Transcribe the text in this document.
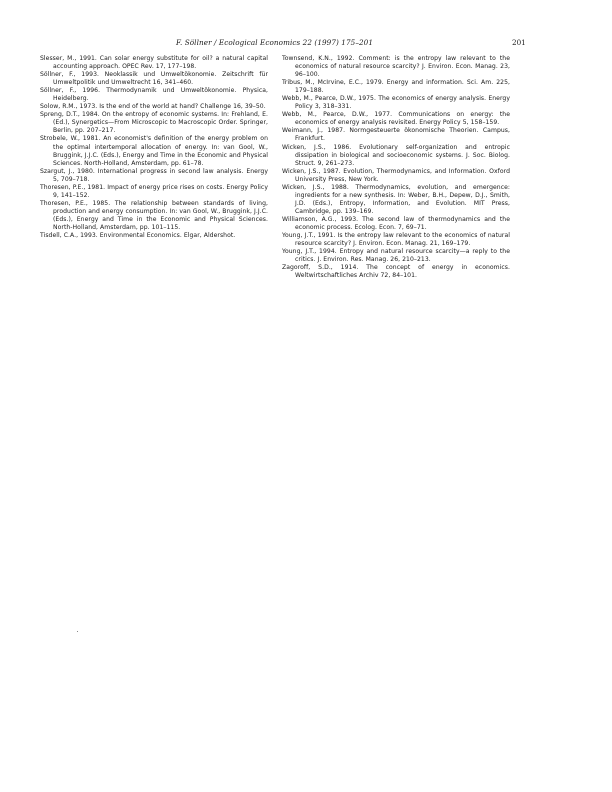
F. Söllner / Ecological Economics 22 (1997) 175–201	201

Slesser, M., 1991. Can solar energy substitute for oil? a natural capital accounting approach. OPEC Rev. 17, 177–198.

Söllner, F., 1993. Neoklassik und Umweltökonomie. Zeitschrift für Umweltpolitik und Umweltrecht 16, 341–460.

Söllner, F., 1996. Thermodynamik und Umweltökonomie. Physica, Heidelberg.

Solow, R.M., 1973. Is the end of the world at hand? Challenge 16, 39–50.

Spreng, D.T., 1984. On the entropy of economic systems. In: Frehland, E. (Ed.), Synergetics—From Microscopic to Macroscopic Order. Springer, Berlin, pp. 207–217.

Strobele, W., 1981. An economist's definition of the energy problem on the optimal intertemporal allocation of energy. In: van Gool, W., Bruggink, J.J.C. (Eds.), Energy and Time in the Economic and Physical Sciences. North-Holland, Amsterdam, pp. 61–78.

Szargut, J., 1980. International progress in second law analysis. Energy 5, 709–718.

Thoresen, P.E., 1981. Impact of energy price rises on costs. Energy Policy 9, 141–152.

Thoresen, P.E., 1985. The relationship between standards of living, production and energy consumption. In: van Gool, W., Bruggink, J.J.C. (Eds.), Energy and Time in the Economic and Physical Sciences. North-Holland, Amsterdam, pp. 101–115.

Tisdell, C.A., 1993. Environmental Economics. Elgar, Aldershot.

Townsend, K.N., 1992. Comment: is the entropy law relevant to the economics of natural resource scarcity? J. Environ. Econ. Manag. 23, 96–100.

Tribus, M., McIrvine, E.C., 1979. Energy and information. Sci. Am. 225, 179–188.

Webb, M., Pearce, D.W., 1975. The economics of energy analysis. Energy Policy 3, 318–331.

Webb, M., Pearce, D.W., 1977. Communications on energy: the economics of energy analysis revisited. Energy Policy 5, 158–159.

Weimann, J., 1987. Normgesteuerte ökonomische Theorien. Campus, Frankfurt.

Wicken, J.S., 1986. Evolutionary self-organization and entropic dissipation in biological and socioeconomic systems. J. Soc. Biolog. Struct. 9, 261–273.

Wicken, J.S., 1987. Evolution, Thermodynamics, and Information. Oxford University Press, New York.

Wicken, J.S., 1988. Thermodynamics, evolution, and emergence: ingredients for a new synthesis. In: Weber, B.H., Depew, D.J., Smith, J.D. (Eds.), Entropy, Information, and Evolution. MIT Press, Cambridge, pp. 139–169.

Williamson, A.G., 1993. The second law of thermodynamics and the economic process. Ecolog. Econ. 7, 69–71.

Young, J.T., 1991. Is the entropy law relevant to the economics of natural resource scarcity? J. Environ. Econ. Manag. 21, 169–179.

Young, J.T., 1994. Entropy and natural resource scarcity—a reply to the critics. J. Environ. Res. Manag. 26, 210–213.

Zagoroff, S.D., 1914. The concept of energy in economics. Weltwirtschaftliches Archiv 72, 84–101.
